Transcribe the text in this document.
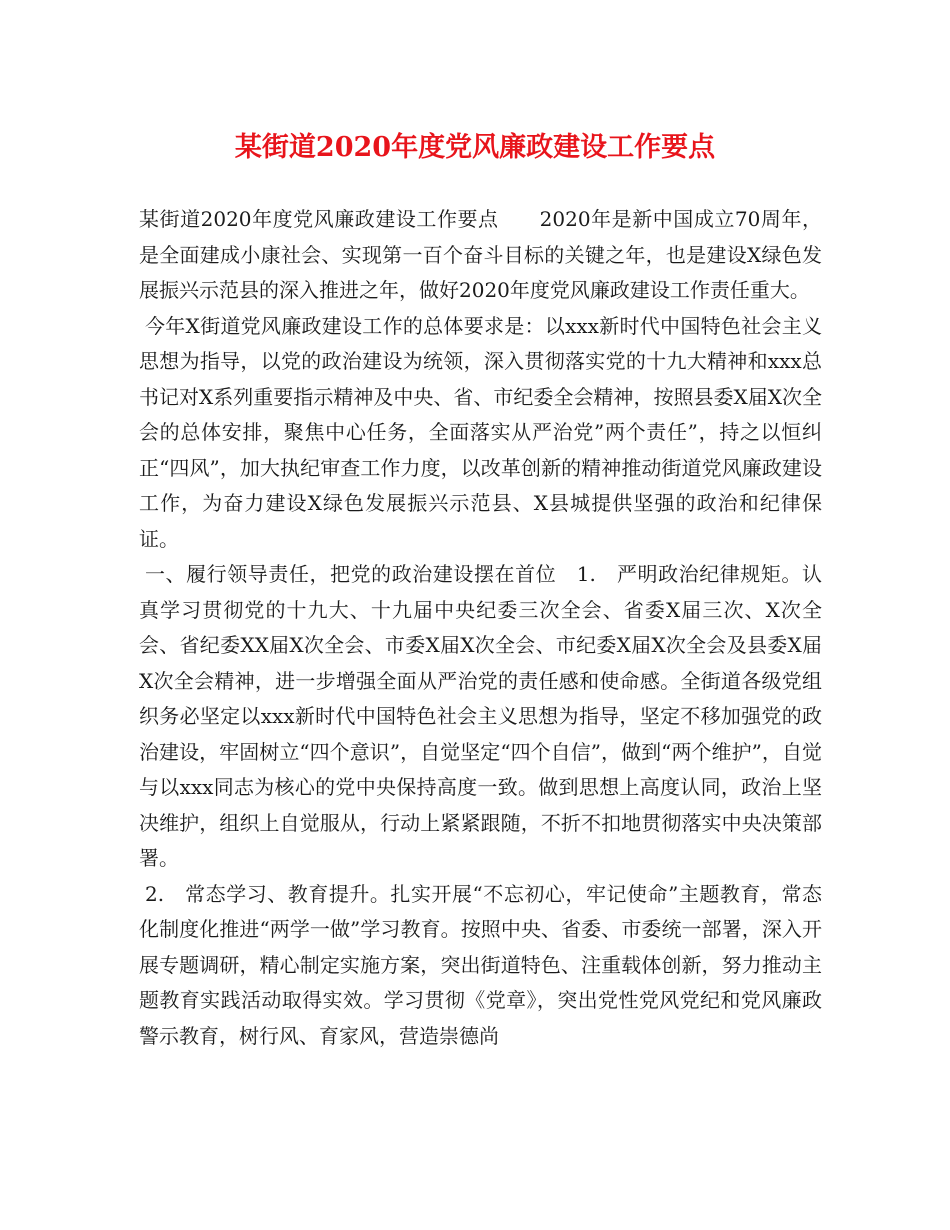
某街道2020年度党风廉政建设工作要点

某街道2020年度党风廉政建设工作要点　　2020年是新中国成立70周年，是全面建成小康社会、实现第一百个奋斗目标的关键之年，也是建设X绿色发展振兴示范县的深入推进之年，做好2020年度党风廉政建设工作责任重大。

今年X街道党风廉政建设工作的总体要求是：以xxx新时代中国特色社会主义思想为指导，以党的政治建设为统领，深入贯彻落实党的十九大精神和xxx总书记对X系列重要指示精神及中央、省、市纪委全会精神，按照县委X届X次全会的总体安排，聚焦中心任务，全面落实从严治党”两个责任”，持之以恒纠正“四风”，加大执纪审查工作力度，以改革创新的精神推动街道党风廉政建设工作，为奋力建设X绿色发展振兴示范县、X县城提供坚强的政治和纪律保证。

一、履行领导责任，把党的政治建设摆在首位　1.　严明政治纪律规矩。认真学习贯彻党的十九大、十九届中央纪委三次全会、省委X届三次、X次全会、省纪委XX届X次全会、市委X届X次全会、市纪委X届X次全会及县委X届X次全会精神，进一步增强全面从严治党的责任感和使命感。全街道各级党组织务必坚定以xxx新时代中国特色社会主义思想为指导，坚定不移加强党的政治建设，牢固树立“四个意识”，自觉坚定“四个自信”，做到“两个维护”，自觉与以xxx同志为核心的党中央保持高度一致。做到思想上高度认同，政治上坚决维护，组织上自觉服从，行动上紧紧跟随，不折不扣地贯彻落实中央决策部署。

2.　常态学习、教育提升。扎实开展“不忘初心，牢记使命”主题教育，常态化制度化推进“两学一做”学习教育。按照中央、省委、市委统一部署，深入开展专题调研，精心制定实施方案，突出街道特色、注重载体创新，努力推动主题教育实践活动取得实效。学习贯彻《党章》，突出党性党风党纪和党风廉政警示教育，树行风、育家风，营造崇德尚
